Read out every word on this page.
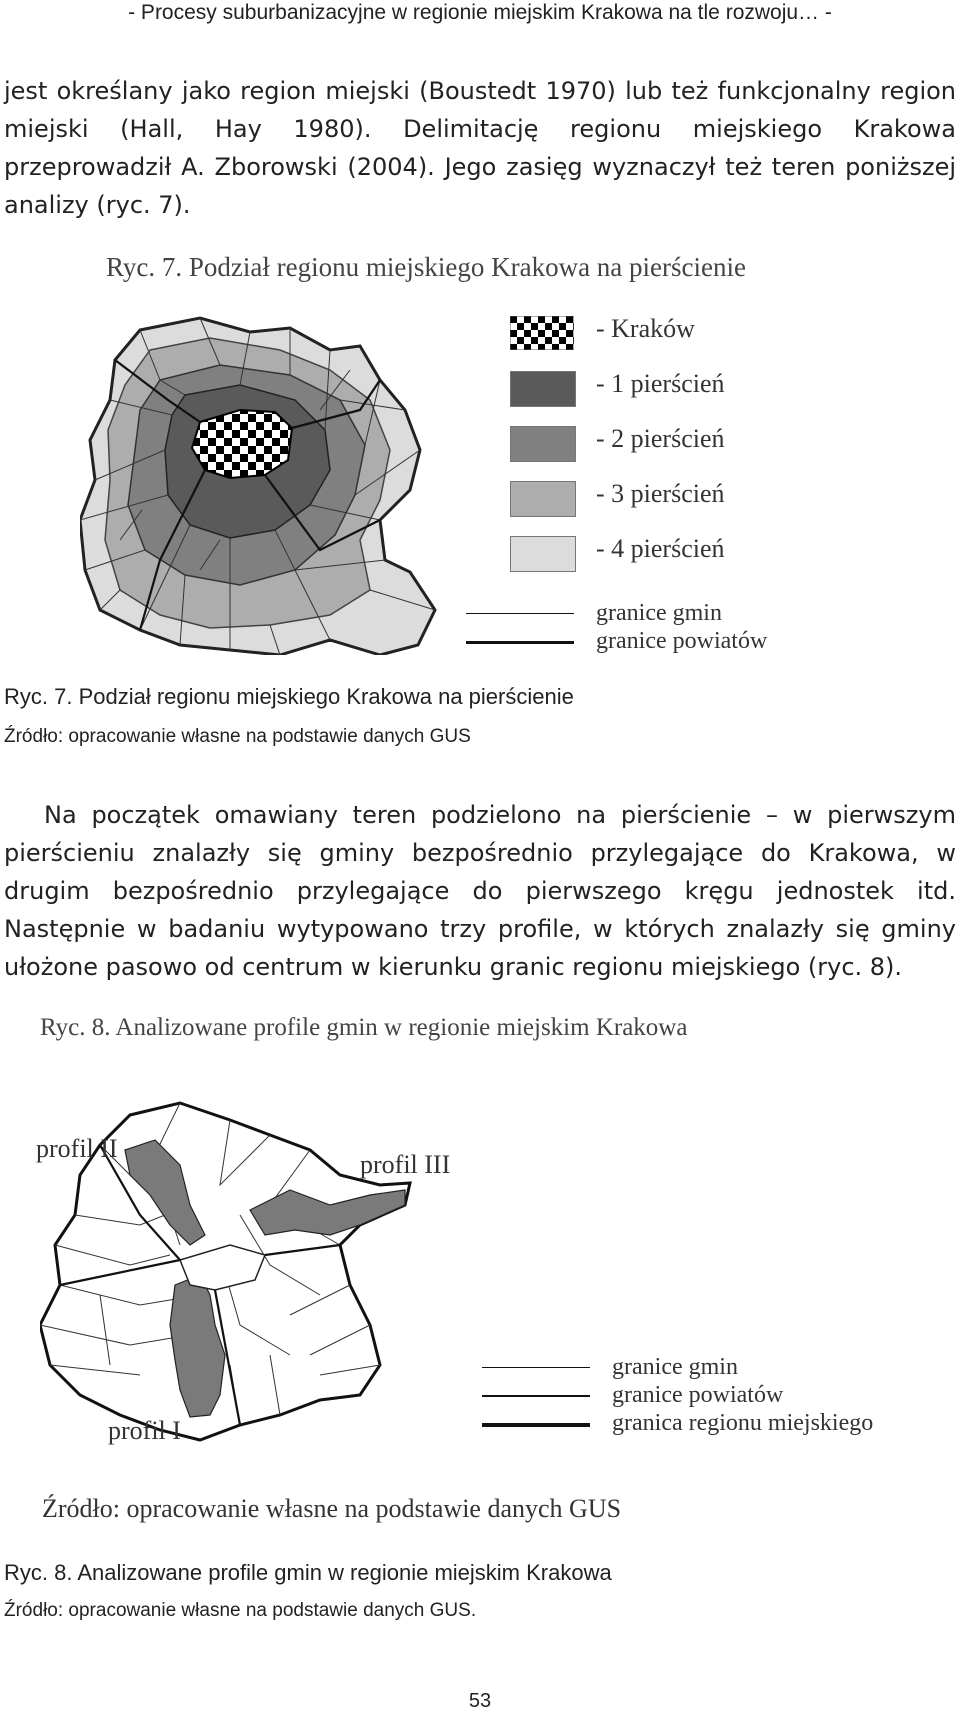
- Procesy suburbanizacyjne w regionie miejskim Krakowa na tle rozwoju… -

jest określany jako region miejski (Boustedt 1970) lub też funkcjonalny region miejski (Hall, Hay 1980). Delimitację regionu miejskiego Krakowa przeprowadził A. Zborowski (2004). Jego zasięg wyznaczył też teren poniższej analizy (ryc. 7).

Ryc. 7. Podział regionu miejskiego Krakowa na pierścienie

- Kraków
- 1 pierścień
- 2 pierścień
- 3 pierścień
- 4 pierścień
granice gmin
granice powiatów

Ryc. 7. Podział regionu miejskiego Krakowa na pierścienie

Źródło: opracowanie własne na podstawie danych GUS

Na początek omawiany teren podzielono na pierścienie – w pierwszym pierścieniu znalazły się gminy bezpośrednio przylegające do Krakowa, w drugim bezpośrednio przylegające do pierwszego kręgu jednostek itd. Następnie w badaniu wytypowano trzy profile, w których znalazły się gminy ułożone pasowo od centrum w kierunku granic regionu miejskiego (ryc. 8).

Ryc. 8. Analizowane profile gmin w regionie miejskim Krakowa

profil II
profil III
profil I
granice gmin
granice powiatów
granica regionu miejskiego

Źródło: opracowanie własne na podstawie danych GUS

Ryc. 8. Analizowane profile gmin w regionie miejskim Krakowa

Źródło: opracowanie własne na podstawie danych GUS.

53
